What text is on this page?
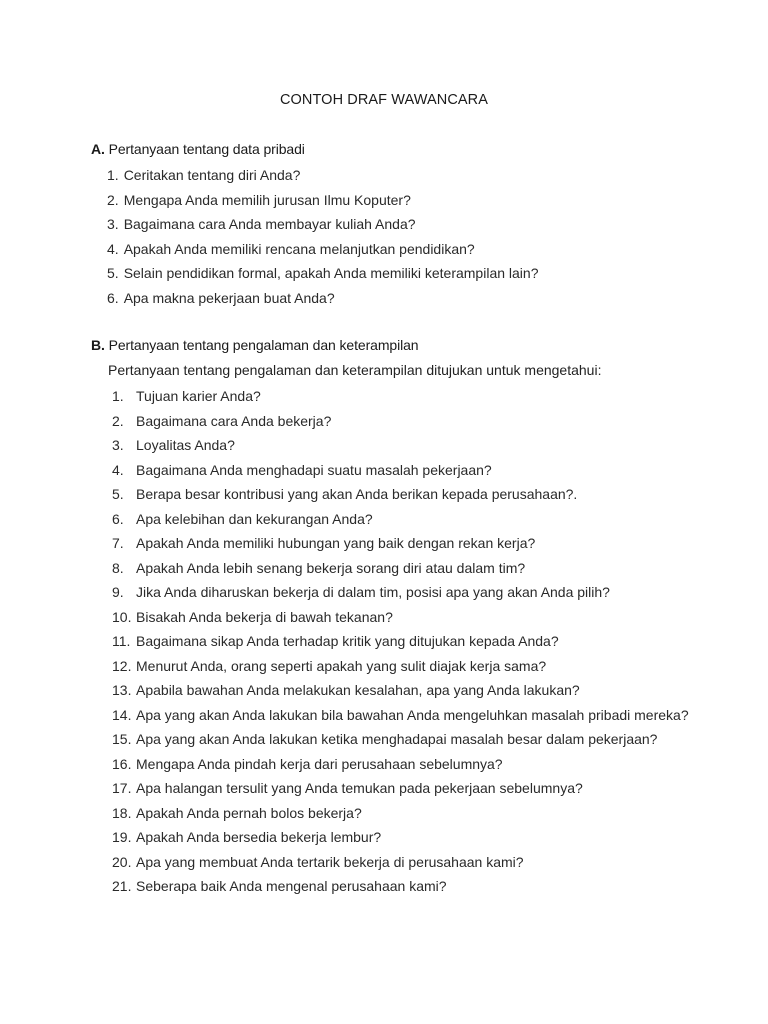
CONTOH DRAF WAWANCARA
A. Pertanyaan tentang data pribadi
1. Ceritakan tentang diri Anda?
2. Mengapa Anda memilih jurusan Ilmu Koputer?
3. Bagaimana cara Anda membayar kuliah Anda?
4. Apakah Anda memiliki rencana melanjutkan pendidikan?
5. Selain pendidikan formal, apakah Anda memiliki keterampilan lain?
6. Apa makna pekerjaan buat Anda?
B. Pertanyaan tentang pengalaman dan keterampilan
Pertanyaan tentang pengalaman dan keterampilan ditujukan untuk mengetahui:
1. Tujuan karier Anda?
2. Bagaimana cara Anda bekerja?
3. Loyalitas Anda?
4. Bagaimana Anda menghadapi suatu masalah pekerjaan?
5. Berapa besar kontribusi yang akan Anda berikan kepada perusahaan?.
6. Apa kelebihan dan kekurangan Anda?
7. Apakah Anda memiliki hubungan yang baik dengan rekan kerja?
8. Apakah Anda lebih senang bekerja sorang diri atau dalam tim?
9. Jika Anda diharuskan bekerja di dalam tim, posisi apa yang akan Anda pilih?
10. Bisakah Anda bekerja di bawah tekanan?
11. Bagaimana sikap Anda terhadap kritik yang ditujukan kepada Anda?
12. Menurut Anda, orang seperti apakah yang sulit diajak kerja sama?
13. Apabila bawahan Anda melakukan kesalahan, apa yang Anda lakukan?
14. Apa yang akan Anda lakukan bila bawahan Anda mengeluhkan masalah pribadi mereka?
15. Apa yang akan Anda lakukan ketika menghadapai masalah besar dalam pekerjaan?
16. Mengapa Anda pindah kerja dari perusahaan sebelumnya?
17. Apa halangan tersulit yang Anda temukan pada pekerjaan sebelumnya?
18. Apakah Anda pernah bolos bekerja?
19. Apakah Anda bersedia bekerja lembur?
20. Apa yang membuat Anda tertarik bekerja di perusahaan kami?
21. Seberapa baik Anda mengenal perusahaan kami?
